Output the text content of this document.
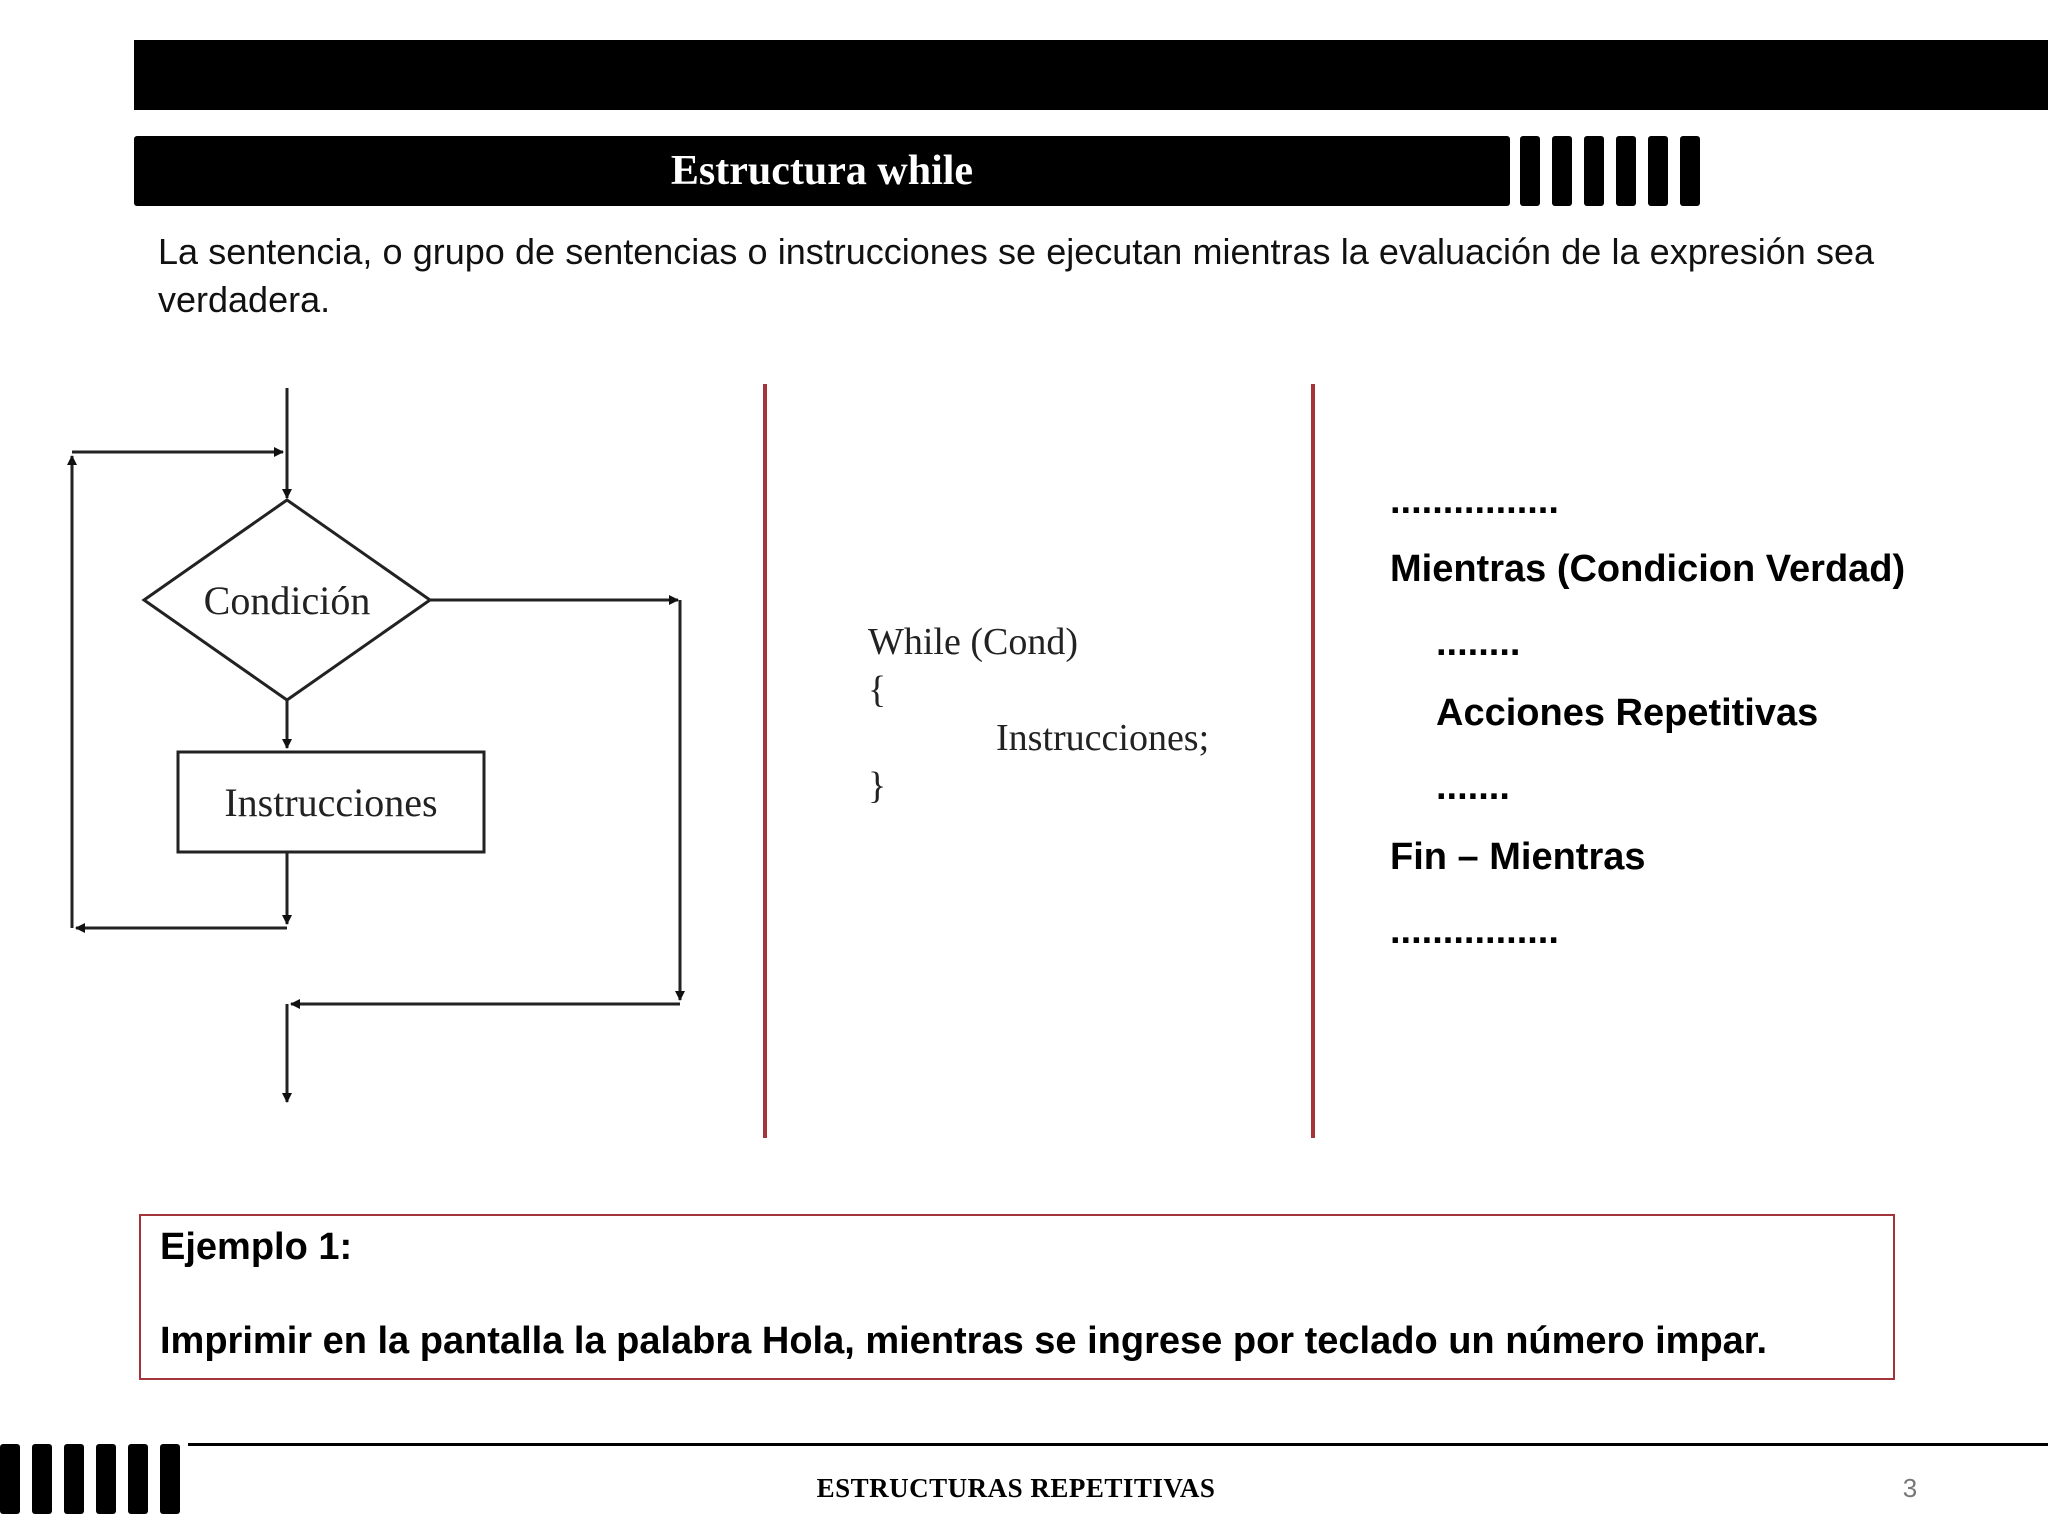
Estructura while
La sentencia, o grupo de sentencias o instrucciones se ejecutan mientras la evaluación de la expresión sea verdadera.
Condición
Instrucciones
While (Cond)
{
Instrucciones;
}
................
Mientras (Condicion Verdad)
........
Acciones Repetitivas
.......
Fin – Mientras
................
Ejemplo 1:
Imprimir en la pantalla la palabra Hola, mientras se ingrese por teclado un número impar.
ESTRUCTURAS REPETITIVAS	3
